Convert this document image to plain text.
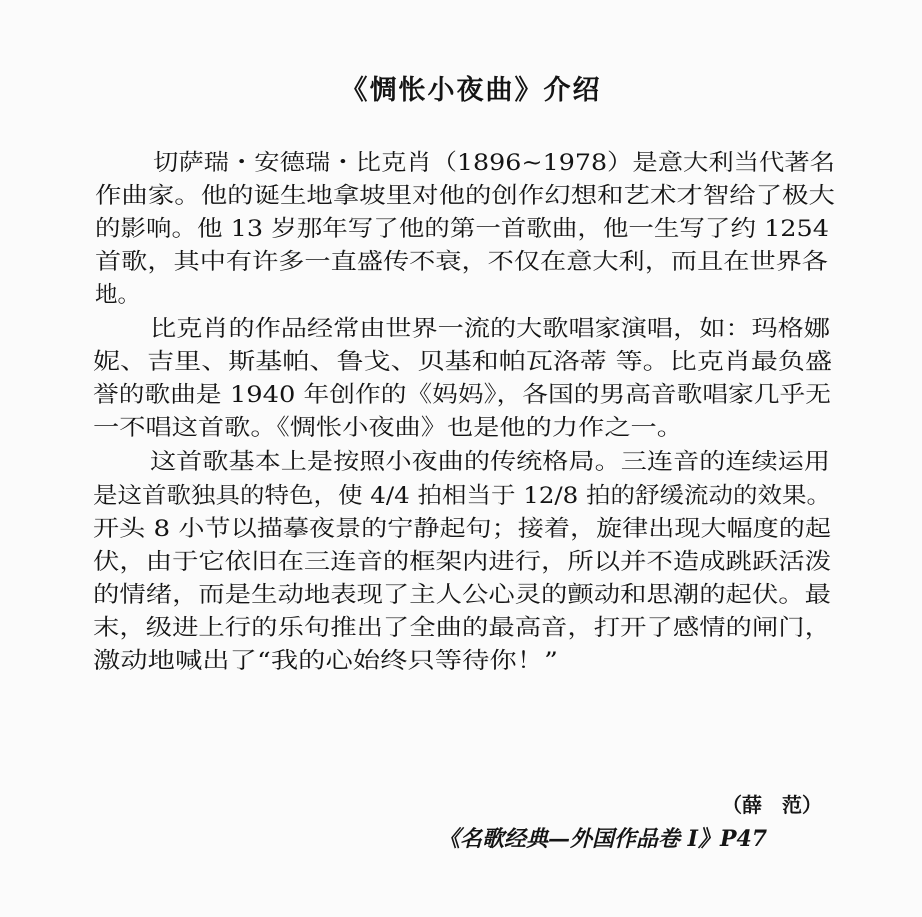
《惆怅小夜曲》介绍
切萨瑞・安德瑞・比克肖（1896~1978）是意大利当代著名
作曲家。他的诞生地拿坡里对他的创作幻想和艺术才智给了极大
的影响。他 13 岁那年写了他的第一首歌曲，他一生写了约 1254
首歌，其中有许多一直盛传不衰，不仅在意大利，而且在世界各
地。
比克肖的作品经常由世界一流的大歌唱家演唱，如：玛格娜
妮、吉里、斯基帕、鲁戈、贝基和帕瓦洛蒂 等。比克肖最负盛
誉的歌曲是 1940 年创作的《妈妈》，各国的男高音歌唱家几乎无
一不唱这首歌。《惆怅小夜曲》也是他的力作之一。
这首歌基本上是按照小夜曲的传统格局。三连音的连续运用
是这首歌独具的特色，使 4/4 拍相当于 12/8 拍的舒缓流动的效果。
开头 8 小节以描摹夜景的宁静起句；接着，旋律出现大幅度的起
伏，由于它依旧在三连音的框架内进行，所以并不造成跳跃活泼
的情绪，而是生动地表现了主人公心灵的颤动和思潮的起伏。最
末，级进上行的乐句推出了全曲的最高音，打开了感情的闸门，
激动地喊出了“我的心始终只等待你！”
（薛　范）
《名歌经典—外国作品卷 I》P47
